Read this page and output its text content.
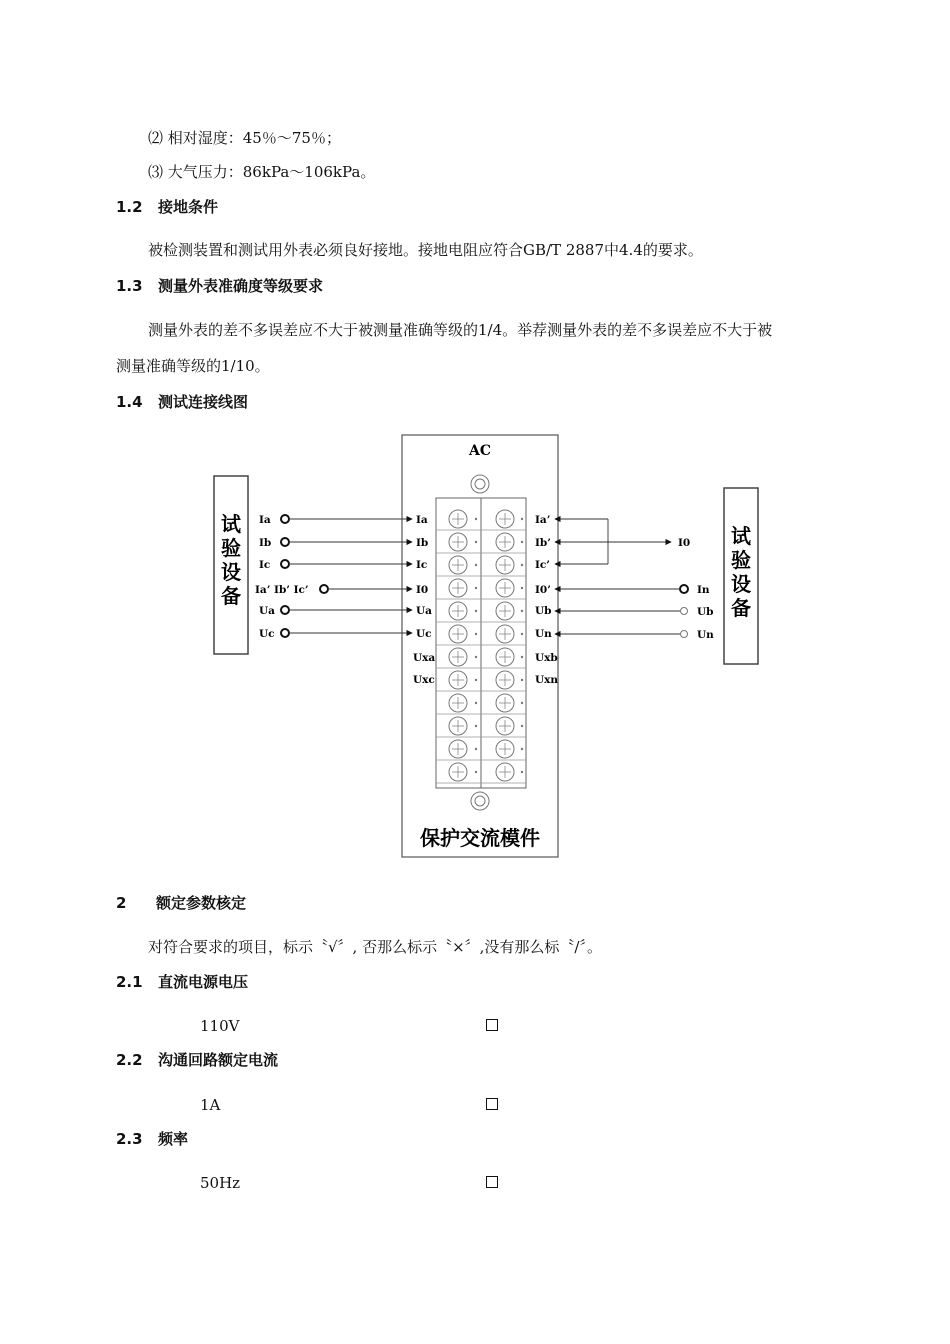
⑵ 相对湿度：45％～75％；
⑶ 大气压力：86kPa～106kPa。
1.2 接地条件
被检测装置和测试用外表必须良好接地。接地电阻应符合GB/T 2887中4.4的要求。
1.3 测量外表准确度等级要求
测量外表的差不多误差应不大于被测量准确等级的1/4。举荐测量外表的差不多误差应不大于被
测量准确等级的1/10。
1.4 测试连接线图
试
验
设
备
试
验
设
备
AC
保护交流模件
Ia
Ib
Ic
Ia’ Ib’ Ic’
Ua
Uc
Ia
Ib
Ic
I0
Ua
Uc
Uxa
Uxc
Ia’
Ib’
Ic’
I0’
Ub
Un
Uxb
Uxn
I0
In
Ub
Un
2 额定参数核定
对符合要求的项目，标示〝√〞, 否那么标示〝×〞,没有那么标〝/〞。
2.1 直流电源电压
110V
2.2 沟通回路额定电流
1A
2.3 频率
50Hz
